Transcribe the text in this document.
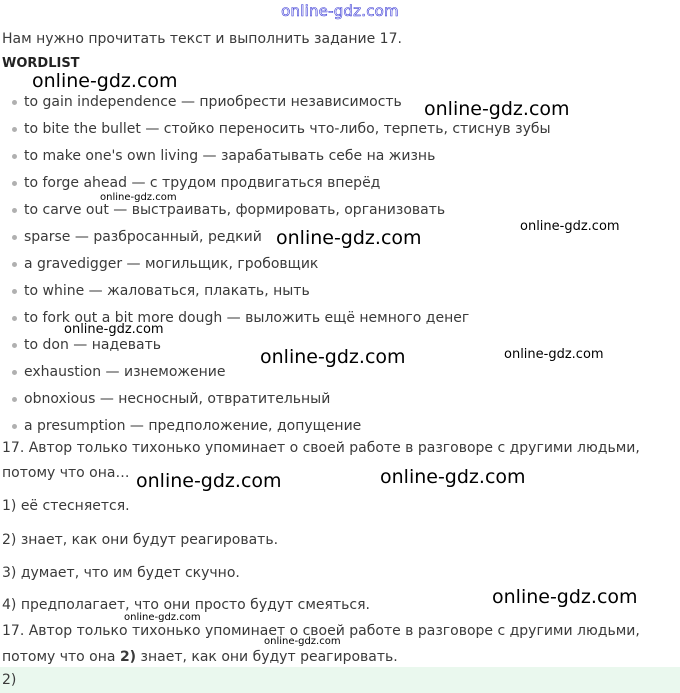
online-gdz.com
Нам нужно прочитать текст и выполнить задание 17.
WORDLIST
to gain independence — приобрести независимость
to bite the bullet — стойко переносить что-либо, терпеть, стиснув зубы
to make one's own living — зарабатывать себе на жизнь
to forge ahead — с трудом продвигаться вперёд
to carve out — выстраивать, формировать, организовать
sparse — разбросанный, редкий
a gravedigger — могильщик, гробовщик
to whine — жаловаться, плакать, ныть
to fork out a bit more dough — выложить ещё немного денег
to don — надевать
exhaustion — изнеможение
obnoxious — несносный, отвратительный
a presumption — предположение, допущение
17. Автор только тихонько упоминает о своей работе в разговоре с другими людьми,
потому что она…
1) её стесняется.
2) знает, как они будут реагировать.
3) думает, что им будет скучно.
4) предполагает, что они просто будут смеяться.
17. Автор только тихонько упоминает о своей работе в разговоре с другими людьми,
потому что она 2) знает, как они будут реагировать.
2)
online-gdz.com
online-gdz.com
online-gdz.com
online-gdz.com
online-gdz.com
online-gdz.com
online-gdz.com	online-gdz.com
online-gdz.com
online-gdz.com
online-gdz.com
online-gdz.com
online-gdz.com
